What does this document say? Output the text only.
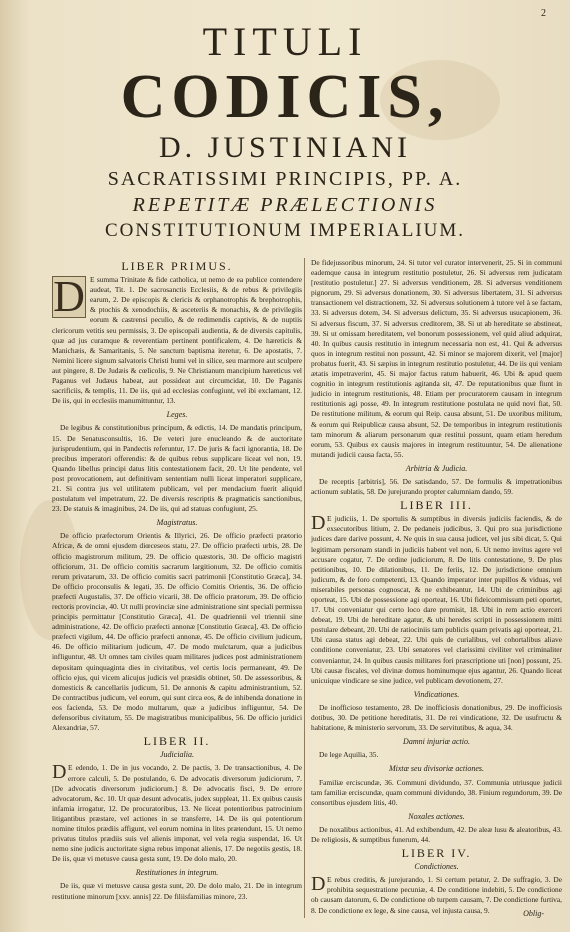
2
TITULI
CODICIS,
D. JUSTINIANI
SACRATISSIMI PRINCIPIS, PP. A.
REPETITÆ PRÆLECTIONIS
CONSTITUTIONUM IMPERIALIUM.
LIBER PRIMUS.

D E summa Trinitate & fide catholica, ut nemo de ea publice contendere audeat, Tit. 1. De sacrosanctis Ecclesiis, & de rebus & privilegiis earum, 2. De episcopis & clericis & orphanotrophis & brephotrophis, & ptochis & xenodochiis, & asceteriis & monachis, & de privilegiis eorum & castrensi peculio, & de redimendis captivis, & de nuptiis clericorum vetitis seu permissis, 3. De episcopali audientia, & de diversis capitulis, quæ ad jus curamque & reverentiam pertinent pontificalem, 4. De hæreticis & Manichæis, & Samaritanis, 5. Ne sanctum baptisma iteretur, 6. De apostatis, 7. Nemini licere signum salvatoris Christi humi vel in silice, seu marmore aut sculpere aut pingere, 8. De Judæis & cœlicolis, 9. Ne Christianum mancipium hæreticus vel Paganus vel Judæus habeat, aut possideat aut circumcidat, 10. De Paganis sacrificiis, & templis, 11. De iis, qui ad ecclesias confugiunt, vel ibi exclamant, 12. De iis, qui in ecclesiis manumittuntur, 13.

Leges.

De legibus & constitutionibus principum, & edictis, 14. De mandatis principum, 15. De Senatusconsultis, 16. De veteri jure enucleando & de auctoritate jurisprudentium, qui in Pandectis referuntur, 17. De juris & facti ignorantia, 18. De precibus imperatori offerendis: & de quibus rebus supplicare liceat vel non, 19. Quando libellus principi datus litis contestationem facit, 20. Ut lite pendente, vel post provocationem, aut definitivam sententiam nulli liceat imperatori supplicare, 21. Si contra jus vel utilitatem publicam, vel per mendacium fuerit aliquid postulatum vel impetratum, 22. De diversis rescriptis & pragmaticis sanctionibus, 23. De statuis & imaginibus, 24. De iis, qui ad statuas confugiunt, 25.

Magistratus.

De officio præfectorum Orientis & Illyrici, 26. De officio præfecti prætorio Africæ, & de omni ejusdem diœceseos statu, 27. De officio præfecti urbis, 28. De officio magistrorum militum, 29. De officio quæstoris, 30. De officio magistri officiorum, 31. De officio comitis sacrarum largitionum, 32. De officio comitis rerum privatarum, 33. De officio comitis sacri patrimonii [Constitutio Græca], 34. De officio proconsulis & legati, 35. De officio Comitis Orientis, 36. De officio præfecti Augustalis, 37. De officio vicarii, 38. De officio prætorum, 39. De officio rectoris provinciæ, 40. Ut nulli provinciæ sine administratione sint speciali permissu principis permittatur [Constitutio Græca], 41. De quadriennii vel triennii sine administratione, 42. De officio præfecti annonæ [Constitutio Græca], 43. De officio præfecti vigilum, 44. De officio præfecti annonæ, 45. De officio civilium judicum, 46. De officio militarium judicum, 47. De modo mulctarum, quæ a judicibus infliguntur, 48. Ut omnes tam civiles quam militares judices post administrationem depositam quinquaginta dies in civitatibus, vel certis locis permaneant, 49. De officio ejus, qui vicem alicujus judicis vel præsidis obtinet, 50. De assessoribus, & domesticis & cancellariis judicum, 51. De annonis & capitu administrantium, 52. De contractibus judicum, vel eorum, qui sunt circa eos, & de inhibenda donatione in eos facienda, 53. De modo multarum, quæ a judicibus infliguntur, 54. De defensoribus civitatum, 55. De magistratibus municipalibus, 56. De officio juridici Alexandriæ, 57.

LIBER II.
Judicialia.

D E edendo, 1. De in jus vocando, 2. De pactis, 3. De transactionibus, 4. De errore calculi, 5. De postulando, 6. De advocatis diversorum judiciorum, 7. [De advocatis diversorum judiciorum.] 8. De advocatis fisci, 9. De errore advocatorum, &c. 10. Ut quæ desunt advocatis, judex suppleat, 11. Ex quibus causis infamia irrogatur, 12. De procuratoribus, 13. Ne liceat potentioribus patrocinium litigantibus præstare, vel actiones in se transferre, 14. De iis qui potentiorum nomine titulos prædiis affigunt, vel eorum nomina in lites prætendunt, 15. Ut nemo privatus titulos prædiis suis vel alienis imponat, vel vela regia suspendat, 16. Ut nemo sine judicis auctoritate signa rebus imponat alienis, 17. De negotiis gestis, 18. De iis, quæ vi metusve causa gesta sunt, 19. De dolo malo, 20.

Restitutiones in integrum.

De iis, quæ vi metusve causa gesta sunt, 20. De dolo malo, 21. De in integrum restitutione minorum [xxv. annis] 22. De filiisfamilias minore, 23.

De fidejussoribus minorum, 24. Si tutor vel curator intervenerit, 25. Si in communi eademque causa in integrum restitutio postuletur, 26. Si adversus rem judicatam [restitutio postuletur.] 27. Si adversus venditionem, 28. Si adversus venditionem pignorum, 29. Si adversus donationem, 30. Si adversus libertatem, 31. Si adversus transactionem vel distractionem, 32. Si adversus solutionem à tutore vel à se factam, 33. Si adversus dotem, 34. Si adversus delictum, 35. Si adversus usucapionem, 36. Si adversus fiscum, 37. Si adversus creditorem, 38. Si ut ab hereditate se abstineat, 39. Si ut omissam hereditatem, vel bonorum possessionem, vel quid aliud adquirat, 40. In quibus causis restitutio in integrum necessaria non est, 41. Qui & adversus quos in integrum restitui non possunt, 42. Si minor se majorem dixerit, vel [major] probatus fuerit, 43. Si sæpius in integrum restitutio postuletur, 44. De iis qui veniam ætatis impetraverint, 45. Si major factus ratum habuerit, 46. Ubi & apud quem cognitio in integrum restitutionis agitanda sit, 47. De reputationibus quæ fiunt in judicio in integrum restitutionis, 48. Etiam per procuratorem causam in integrum restitutionis agi posse, 49. In integrum restitutione postulata ne quid novi fiat, 50. De restitutione militum, & eorum qui Reip. causa absunt, 51. De uxoribus militum, & eorum qui Reipublicæ causa absunt, 52. De temporibus in integrum restitutionis tam minorum & aliarum personarum quæ restitui possunt, quam etiam heredum eorum, 53. Quibus ex causis majores in integrum restituuntur, 54. De alienatione mutandi judicii causa facta, 55.

Arbitria & Judicia.

De receptis [arbitris], 56. De satisdando, 57. De formulis & impetrationibus actionum sublatis, 58. De jurejurando propter calumniam dando, 59.

LIBER III.

D E judiciis, 1. De sportulis & sumptibus in diversis judiciis faciendis, & de exsecutoribus litium, 2. De pedaneis judicibus, 3. Qui pro sua jurisdictione judices dare darive possunt, 4. Ne quis in sua causa judicet, vel jus sibi dicat, 5. Qui legitimam personam standi in judiciis habent vel non, 6. Ut nemo invitus agere vel accusare cogatur, 7. De ordine judiciorum, 8. De litis contestatione, 9. De plus petitionibus, 10. De dilationibus, 11. De feriis, 12. De jurisdictione omnium judicum, & de foro competenti, 13. Quando imperator inter pupillos & viduas, vel miserabiles personas cognoscat, & ne exhibeantur, 14. Ubi de criminibus agi oporteat, 15. Ubi de possessione agi oporteat, 16. Ubi fideicommissum peti oportet, 17. Ubi conveniatur qui certo loco dare promisit, 18. Ubi in rem actio exerceri debeat, 19. Ubi de hereditate agatur, & ubi heredes scripti in possessionem mitti postulare debeant, 20. Ubi de ratiociniis tam publicis quam privatis agi oporteat, 21. Ubi causa status agi debeat, 22. Ubi quis de curialibus, vel cohortalibus aliave conditione conveniatur, 23. Ubi senatores vel clarissimi civiliter vel criminaliter conveniantur, 24. In quibus causis militares fori præscriptione uti [non] possunt, 25. Ubi causæ fiscales, vel divinæ domus hominumque ejus agantur, 26. Quando liceat unicuique vindicare se sine judice, vel publicam devotionem, 27.

Vindicationes.

De inofficioso testamento, 28. De inofficiosis donationibus, 29. De inofficiosis dotibus, 30. De petitione hereditatis, 31. De rei vindicatione, 32. De usufructu & habitatione, & ministerio servorum, 33. De servitutibus, & aqua, 34.

Damni injuriæ actio.

De lege Aquilia, 35.

Mixtæ seu divisoriæ actiones.

Familiæ erciscundæ, 36. Communi dividundo, 37. Communia utriusque judicii tam familiæ erciscundæ, quam communi dividundo, 38. Finium regundorum, 39. De consortibus ejusdem litis, 40.

Noxales actiones.

De noxalibus actionibus, 41. Ad exhibendum, 42. De aleæ lusu & aleatoribus, 43. De religiosis, & sumptibus funerum, 44.

LIBER IV.
Condictiones.

D E rebus creditis, & jurejurando, 1. Si certum petatur, 2. De suffragio, 3. De prohibita sequestratione pecuniæ, 4. De conditione indebiti, 5. De condictione ob causam datorum, 6. De condictione ob turpem causam, 7. De condictione furtiva, 8. De condictione ex lege, & sine causa, vel injusta causa, 9.	Oblig-
